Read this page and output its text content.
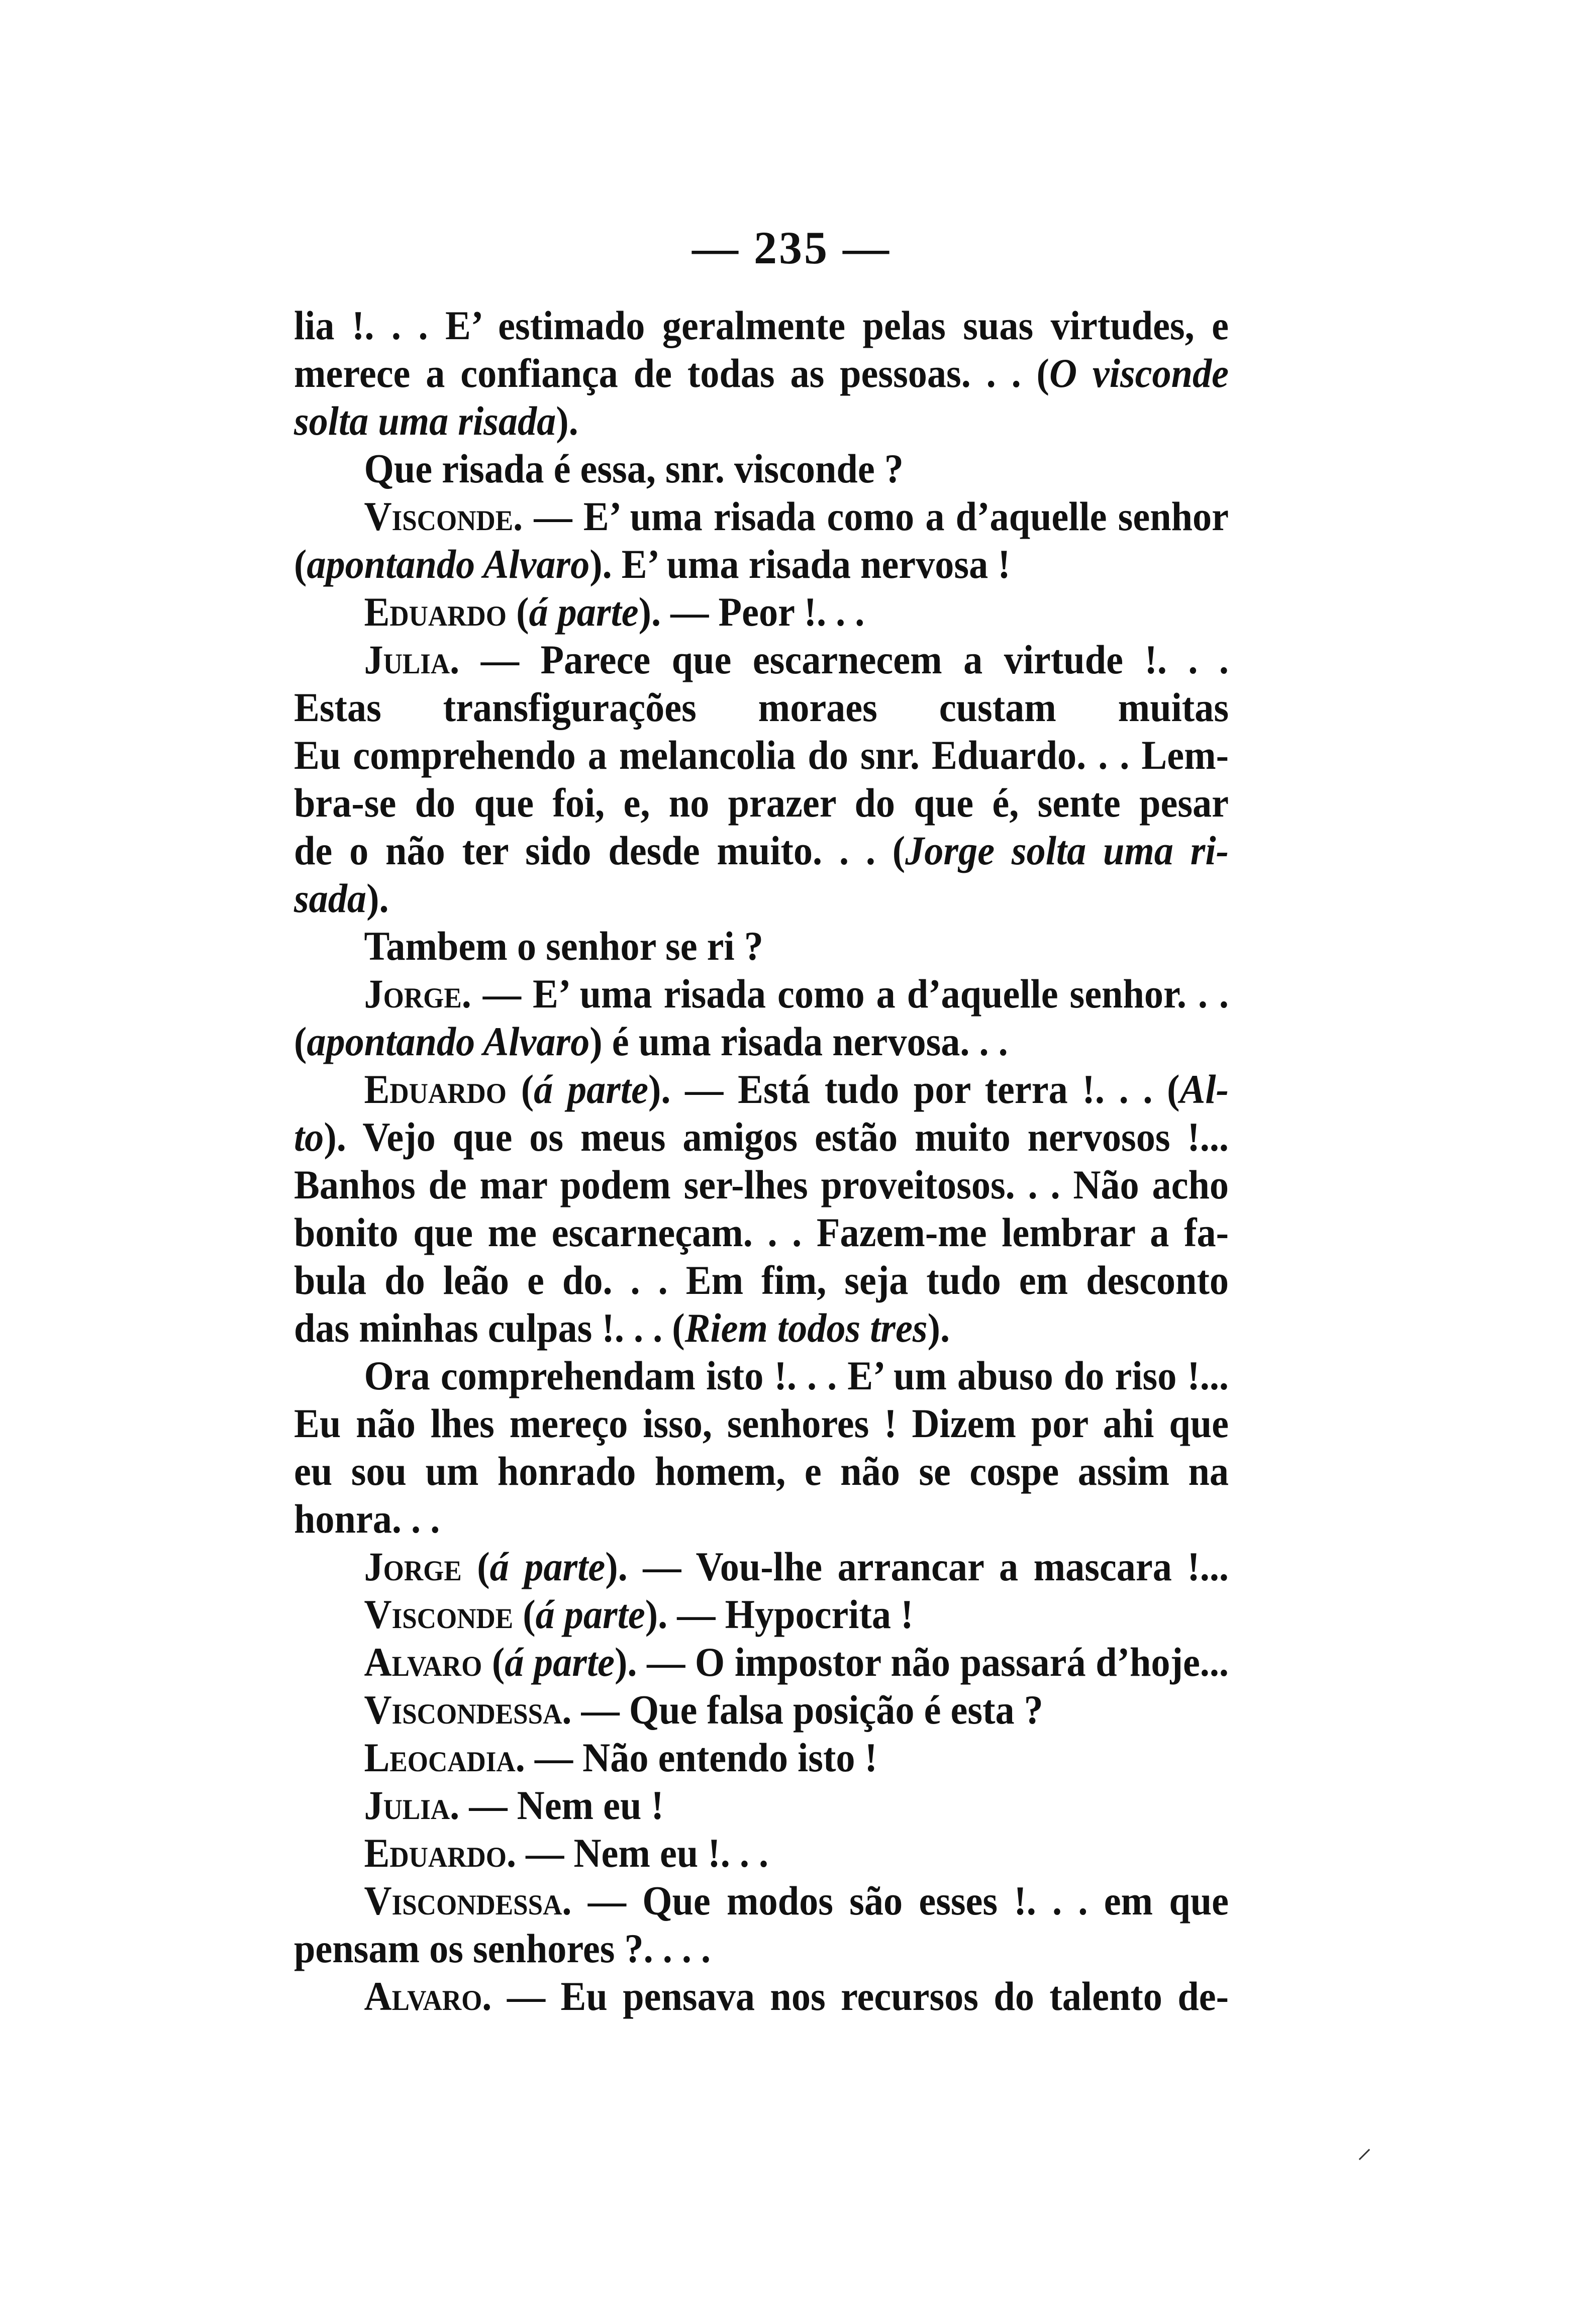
— 235 —
lia !. . . E’ estimado geralmente pelas suas virtudes, e
merece a confiança de todas as pessoas. . . (O visconde
solta uma risada).
Que risada é essa, snr. visconde ?
Visconde. — E’ uma risada como a d’aquelle senhor
(apontando Alvaro). E’ uma risada nervosa !
Eduardo (á parte). — Peor !. . .
Julia. — Parece que escarnecem a virtude !. . .
Estas transfigurações moraes custam muitas
Eu comprehendo a melancolia do snr. Eduardo. . . Lem-
bra-se do que foi, e, no prazer do que é, sente pesar
de o não ter sido desde muito. . . (Jorge solta uma ri-
sada).
Tambem o senhor se ri ?
Jorge. — E’ uma risada como a d’aquelle senhor. . .
(apontando Alvaro) é uma risada nervosa. . .
Eduardo (á parte). — Está tudo por terra !. . . (Al-
to). Vejo que os meus amigos estão muito nervosos !...
Banhos de mar podem ser-lhes proveitosos. . . Não acho
bonito que me escarneçam. . . Fazem-me lembrar a fa-
bula do leão e do. . . Em fim, seja tudo em desconto
das minhas culpas !. . . (Riem todos tres).
Ora comprehendam isto !. . . E’ um abuso do riso !...
Eu não lhes mereço isso, senhores ! Dizem por ahi que
eu sou um honrado homem, e não se cospe assim na
honra. . .
Jorge (á parte). — Vou-lhe arrancar a mascara !...
Visconde (á parte). — Hypocrita !
Alvaro (á parte). — O impostor não passará d’hoje...
Viscondessa. — Que falsa posição é esta ?
Leocadia. — Não entendo isto !
Julia. — Nem eu !
Eduardo. — Nem eu !. . .
Viscondessa. — Que modos são esses !. . . em que
pensam os senhores ?. . . .
Alvaro. — Eu pensava nos recursos do talento de-
⸝
